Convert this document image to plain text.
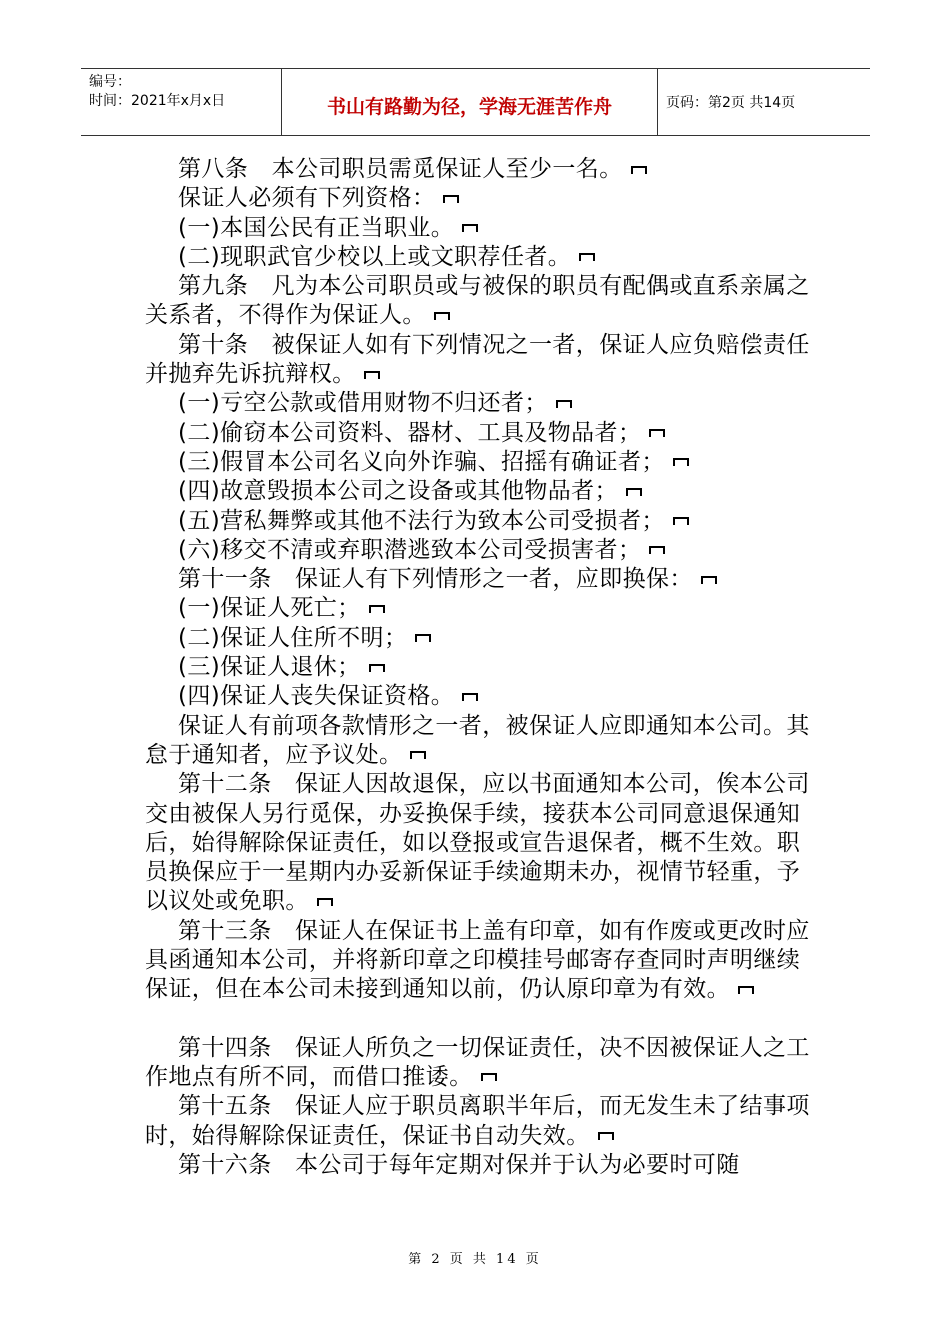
编号：
时间：2021年x月x日	书山有路勤为径，学海无涯苦作舟	页码：第2页 共14页

第八条　本公司职员需觅保证人至少一名。

保证人必须有下列资格：

(一)本国公民有正当职业。

(二)现职武官少校以上或文职荐任者。

第九条　凡为本公司职员或与被保的职员有配偶或直系亲属之关系者，不得作为保证人。

第十条　被保证人如有下列情况之一者，保证人应负赔偿责任并抛弃先诉抗辩权。

(一)亏空公款或借用财物不归还者；

(二)偷窃本公司资料、器材、工具及物品者；

(三)假冒本公司名义向外诈骗、招摇有确证者；

(四)故意毁损本公司之设备或其他物品者；

(五)营私舞弊或其他不法行为致本公司受损者；

(六)移交不清或弃职潜逃致本公司受损害者；

第十一条　保证人有下列情形之一者，应即换保：

(一)保证人死亡；

(二)保证人住所不明；

(三)保证人退休；

(四)保证人丧失保证资格。

保证人有前项各款情形之一者，被保证人应即通知本公司。其怠于通知者，应予议处。

第十二条　保证人因故退保，应以书面通知本公司，俟本公司交由被保人另行觅保，办妥换保手续，接获本公司同意退保通知后，始得解除保证责任，如以登报或宣告退保者，概不生效。职员换保应于一星期内办妥新保证手续逾期未办，视情节轻重，予以议处或免职。

第十三条　保证人在保证书上盖有印章，如有作废或更改时应具函通知本公司，并将新印章之印模挂号邮寄存查同时声明继续保证，但在本公司未接到通知以前，仍认原印章为有效。

第十四条　保证人所负之一切保证责任，决不因被保证人之工作地点有所不同，而借口推诿。

第十五条　保证人应于职员离职半年后，而无发生未了结事项时，始得解除保证责任，保证书自动失效。

第十六条　本公司于每年定期对保并于认为必要时可随

第 2 页 共 14 页
